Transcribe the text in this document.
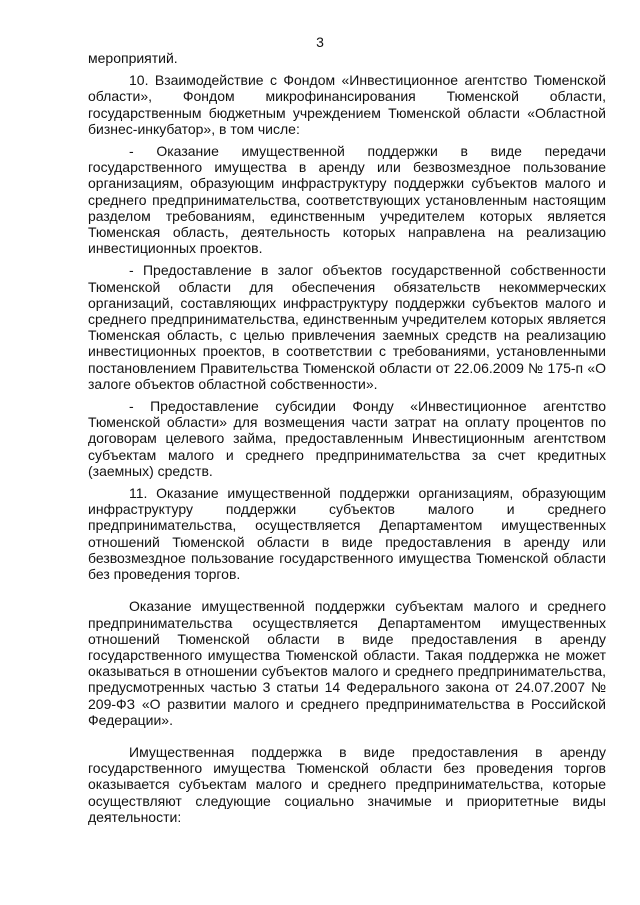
3

мероприятий.

10. Взаимодействие с Фондом «Инвестиционное агентство Тюменской области», Фондом микрофинансирования Тюменской области, государственным бюджетным учреждением Тюменской области «Областной бизнес-инкубатор», в том числе:

- Оказание имущественной поддержки в виде передачи государственного имущества в аренду или безвозмездное пользование организациям, образующим инфраструктуру поддержки субъектов малого и среднего предпринимательства, соответствующих установленным настоящим разделом требованиям, единственным учредителем которых является Тюменская область, деятельность которых направлена на реализацию инвестиционных проектов.

- Предоставление в залог объектов государственной собственности Тюменской области для обеспечения обязательств некоммерческих организаций, составляющих инфраструктуру поддержки субъектов малого и среднего предпринимательства, единственным учредителем которых является Тюменская область, с целью привлечения заемных средств на реализацию инвестиционных проектов, в соответствии с требованиями, установленными постановлением Правительства Тюменской области от 22.06.2009 № 175-п «О залоге объектов областной собственности».

- Предоставление субсидии Фонду «Инвестиционное агентство Тюменской области» для возмещения части затрат на оплату процентов по договорам целевого займа, предоставленным Инвестиционным агентством субъектам малого и среднего предпринимательства за счет кредитных (заемных) средств.

11. Оказание имущественной поддержки организациям, образующим инфраструктуру поддержки субъектов малого и среднего предпринимательства, осуществляется Департаментом имущественных отношений Тюменской области в виде предоставления в аренду или безвозмездное пользование государственного имущества Тюменской области без проведения торгов.

Оказание имущественной поддержки субъектам малого и среднего предпринимательства осуществляется Департаментом имущественных отношений Тюменской области в виде предоставления в аренду государственного имущества Тюменской области. Такая поддержка не может оказываться в отношении субъектов малого и среднего предпринимательства, предусмотренных частью 3 статьи 14 Федерального закона от 24.07.2007 № 209-ФЗ «О развитии малого и среднего предпринимательства в Российской Федерации».

Имущественная поддержка в виде предоставления в аренду государственного имущества Тюменской области без проведения торгов оказывается субъектам малого и среднего предпринимательства, которые осуществляют следующие социально значимые и приоритетные виды деятельности:
